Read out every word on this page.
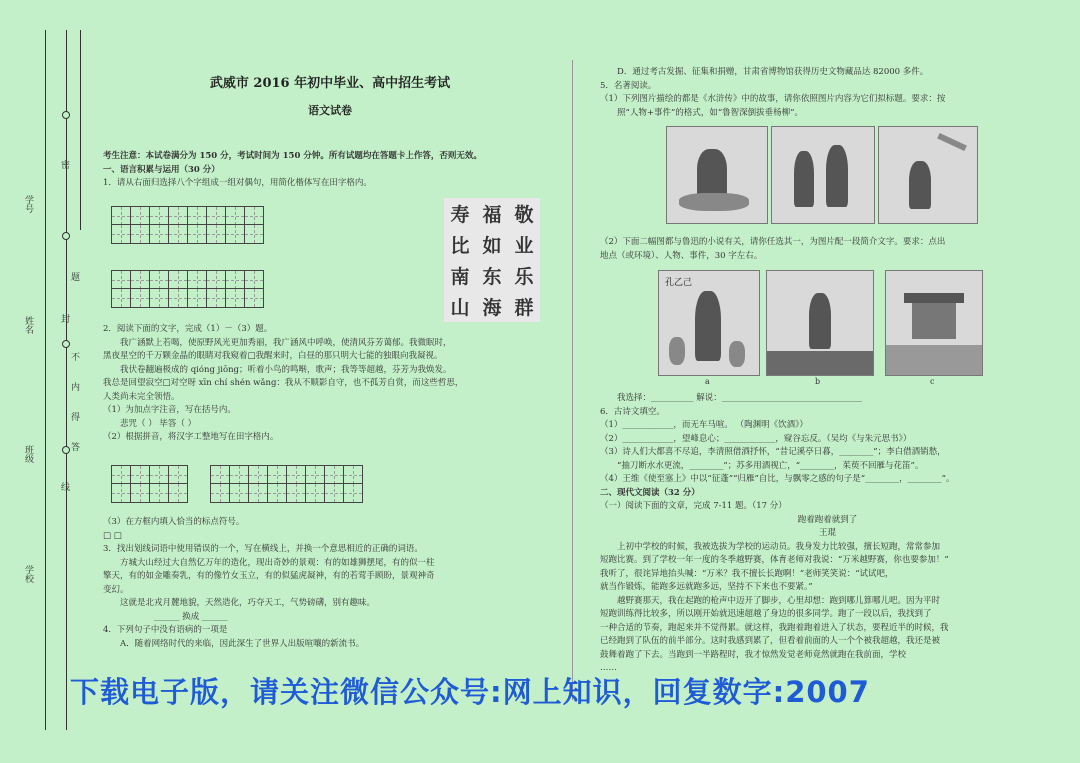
密
封
线
内
不
得
答
题
学号
姓名
班级
学校
武威市 2016 年初中毕业、高中招生考试
语文试卷

考生注意：本试卷满分为 150 分，考试时间为 150 分钟。所有试题均在答题卡上作答，否则无效。

一、语言积累与运用（30 分）

1．请从右面归选择八个字组成一组对偶句，用简化楷体写在田字格内。

寿 福 敬
比 如 业
南 东 乐
山 海 群

2．阅读下面的文字，完成（1）－（3）题。

我广涵默上若喝，使原野风光更加秀丽，我广涵风中呼唤，使清风芬芳蔼郁。我微眠时，

黑夜星空的千万颗金晶的眼睛对我窥着□我醒来时，白昼的那只明大七能的独眼向我凝视。

我伏卷翻遍极成的 qióng jiōng；听着小鸟的鸣啭，歌声；我等等超越，芬芳为我焕发。

我总是回望寂空□对空呀 xīn chí shén wǎng：我从不顺影自守，也不孤芳自赏，而这些哲思，

人类尚未完全领悟。

（1）为加点字注音，写在括号内。

悲咒（ ） 毕答（ ）

（2）根据拼音，将汉字工整地写在田字格内。

（3）在方框内填入恰当的标点符号。

□ □

3．找出划线词语中使用错误的一个，写在横线上，并换一个意思相近的正确的词语。

方城大山经过大自然亿万年的造化，现出奇妙的景观：有的如雄狮摆尾，有的似一柱

擎天，有的如金雕奏乳，有的像竹女玉立，有的似猛虎凝神，有的若莺手顾盼，景观神奇

变幻。

这就是北戎月麓地貌，天然造化，巧夺天工，气势磅礴，别有趣味。

______ 换成 ______

4．下列句子中没有语病的一项是

A．随着网络时代的来临，因此深生了世界人出版喧嚷的新流书。

D．通过考古发掘、征集和捐赠，甘肃省博物馆获得历史文物藏品达 82000 多件。

5．名著阅读。

（1）下列图片描绘的都是《水浒传》中的故事，请你依照图片内容为它们拟标题。要求：按

照“人物+事件”的格式，如“鲁智深倒拔垂杨柳”。

（2）下面二幅图都与鲁迅的小说有关，请你任选其一，为图片配一段简介文字。要求：点出

地点（或环境）、人物、事件，30 字左右。

孔乙己
a	b	c

我选择：__________ 解说：_________________________________

6．古诗文填空。

（1）____________，而无车马喧。 （陶渊明《饮酒》）

（2）____________，望峰息心；____________，窥谷忘反。（吴均《与朱元思书》）

（3）诗人们大都喜不尽追，李清照借酒抒怀，“昔记溪亭日暮，________”；李白借酒销愁，

“抽刀断水水更流，________”；苏多用酒视亡，“________，茱萸不回雁与花笛”。

（4）王维《使至塞上》中以“征蓬”“归雁”自比，与飘零之感的句子是“________，________”。

二、现代文阅读（32 分）

（一）阅读下面的文章，完成 7-11 题。（17 分）

跑着跑着就到了

王琨

上初中学校的时候，我被选拔为学校的运动员。我身发力比较强，擅长短跑，常常参加

短跑比赛。到了学校一年一度的冬季越野赛，体育老师对我说：“万米越野赛，你也要参加！”

我听了，很诧异地抬头喊：“万米？我不擅长长跑啊！”老师笑笑说：“试试吧，

就当作锻炼，能跑多远就跑多远，坚持不下来也不要紧。”

越野赛那天，我在起跑的枪声中迈开了脚步，心里却想：跑到哪儿算哪儿吧。因为平时

短跑训练得比较多，所以刚开始就迅速超越了身边的很多同学。跑了一段以后，我找到了

一种合适的节奏，跑起来并不觉得累。就这样，我跑着跑着进入了状态，要程近半的时候，我

已经跑到了队伍的前半部分。这时我感到累了，但看着前面的人一个个被我超越，我还是被

鼓舞着跑了下去。当跑到一半路程时，我才惊然发觉老师竟然就跑在我前面，学校

……

下载电子版，请关注微信公众号:网上知识，回复数字:2007
